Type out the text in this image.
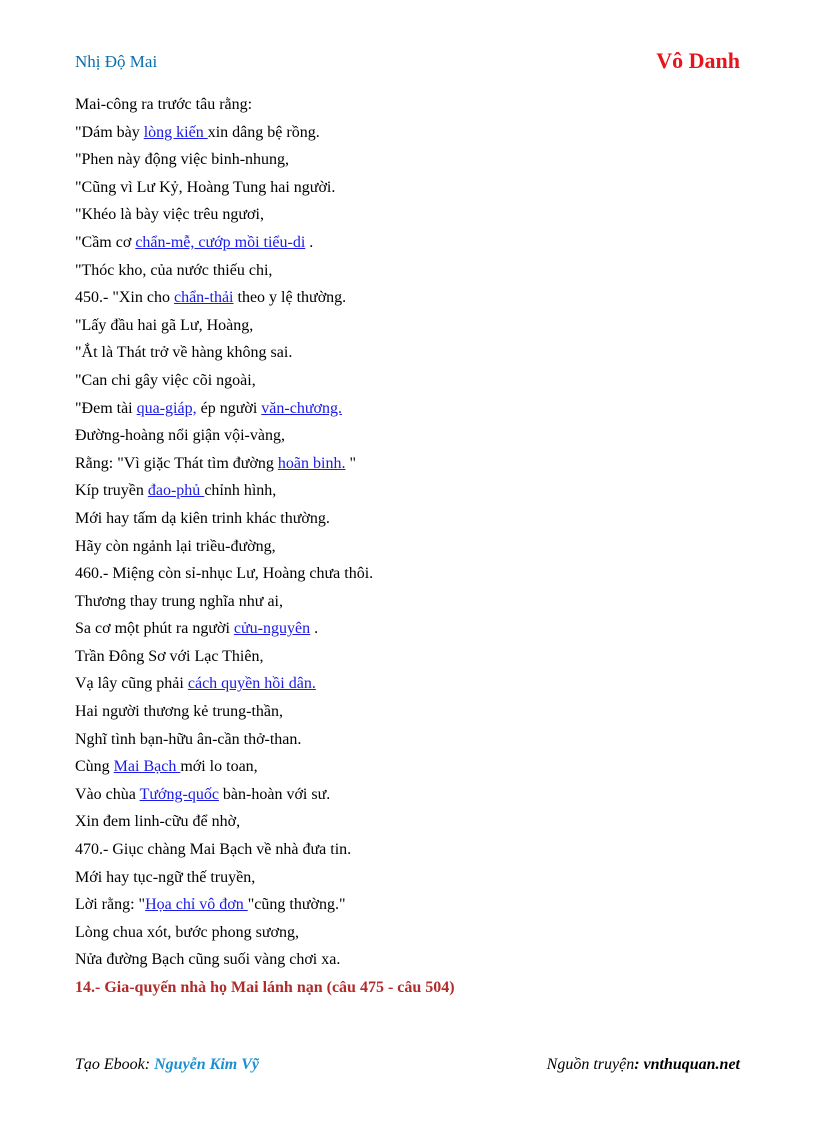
Nhị Độ Mai	Vô Danh
Mai-công ra trước tâu rằng:
"Dám bày lòng kiến xin dâng bệ rồng.
"Phen này động việc binh-nhung,
"Cũng vì Lư Kỷ, Hoàng Tung hai người.
"Khéo là bày việc trêu ngươi,
"Cầm cơ chẩn-mễ, cướp mồi tiểu-di .
"Thóc kho, của nước thiếu chi,
450.- "Xin cho chẩn-thải theo y lệ thường.
"Lấy đầu hai gã Lư, Hoàng,
"Ắt là Thát trở về hàng không sai.
"Can chi gây việc cõi ngoài,
"Đem tài qua-giáp, ép người văn-chương.
Đường-hoàng nổi giận vội-vàng,
Rằng: "Vì giặc Thát tìm đường hoãn binh. "
Kíp truyền đao-phủ chỉnh hình,
Mới hay tấm dạ kiên trinh khác thường.
Hãy còn ngảnh lại triều-đường,
460.- Miệng còn sỉ-nhục Lư, Hoàng chưa thôi.
Thương thay trung nghĩa như ai,
Sa cơ một phút ra người cửu-nguyên .
Trần Đông Sơ với Lạc Thiên,
Vạ lây cũng phải cách quyền hồi dân.
Hai người thương kẻ trung-thần,
Nghĩ tình bạn-hữu ân-cần thở-than.
Cùng Mai Bạch mới lo toan,
Vào chùa Tướng-quốc bàn-hoàn với sư.
Xin đem linh-cữu để nhờ,
470.- Giục chàng Mai Bạch về nhà đưa tin.
Mới hay tục-ngữ thế truyền,
Lời rằng: "Họa chỉ vô đơn "cũng thường."
Lòng chua xót, bước phong sương,
Nửa đường Bạch cũng suối vàng chơi xa.
14.- Gia-quyến nhà họ Mai lánh nạn (câu 475 - câu 504)
Tạo Ebook: Nguyễn Kim Vỹ	Nguồn truyện: vnthuquan.net
